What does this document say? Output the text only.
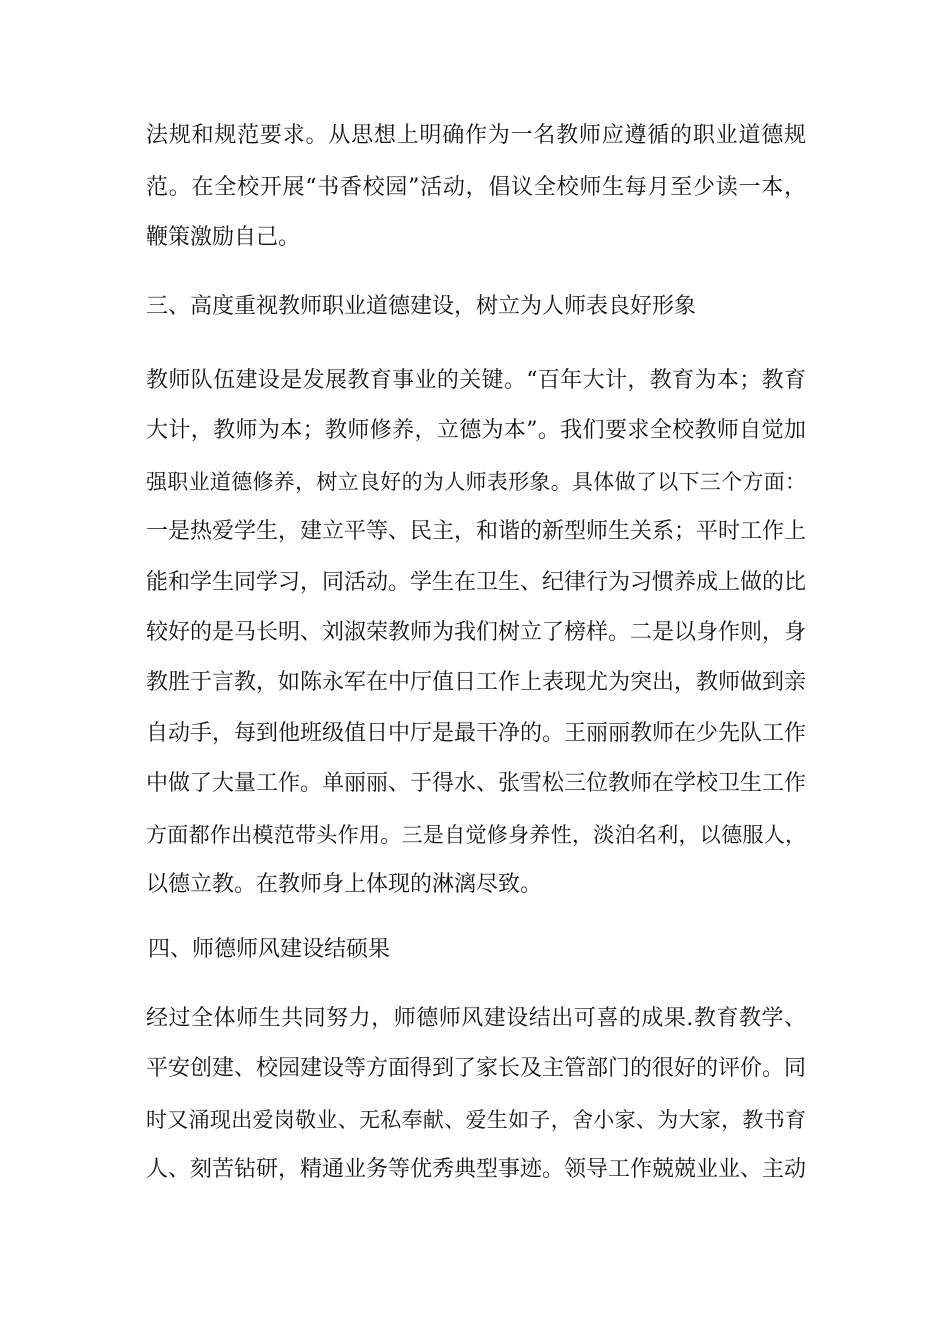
法规和规范要求。从思想上明确作为一名教师应遵循的职业道德规
范。在全校开展“书香校园”活动，倡议全校师生每月至少读一本，
鞭策激励自己。
三、高度重视教师职业道德建设，树立为人师表良好形象
教师队伍建设是发展教育事业的关键。“百年大计，教育为本；教育
大计，教师为本；教师修养，立德为本”。我们要求全校教师自觉加
强职业道德修养，树立良好的为人师表形象。具体做了以下三个方面：
一是热爱学生，建立平等、民主，和谐的新型师生关系；平时工作上
能和学生同学习，同活动。学生在卫生、纪律行为习惯养成上做的比
较好的是马长明、刘淑荣教师为我们树立了榜样。二是以身作则，身
教胜于言教，如陈永军在中厅值日工作上表现尤为突出，教师做到亲
自动手，每到他班级值日中厅是最干净的。王丽丽教师在少先队工作
中做了大量工作。单丽丽、于得水、张雪松三位教师在学校卫生工作
方面都作出模范带头作用。三是自觉修身养性，淡泊名利，以德服人，
以德立教。在教师身上体现的淋漓尽致。
四、师德师风建设结硕果
经过全体师生共同努力，师德师风建设结出可喜的成果.教育教学、
平安创建、校园建设等方面得到了家长及主管部门的很好的评价。同
时又涌现出爱岗敬业、无私奉献、爱生如子，舍小家、为大家，教书育
人、刻苦钻研，精通业务等优秀典型事迹。领导工作兢兢业业、主动
